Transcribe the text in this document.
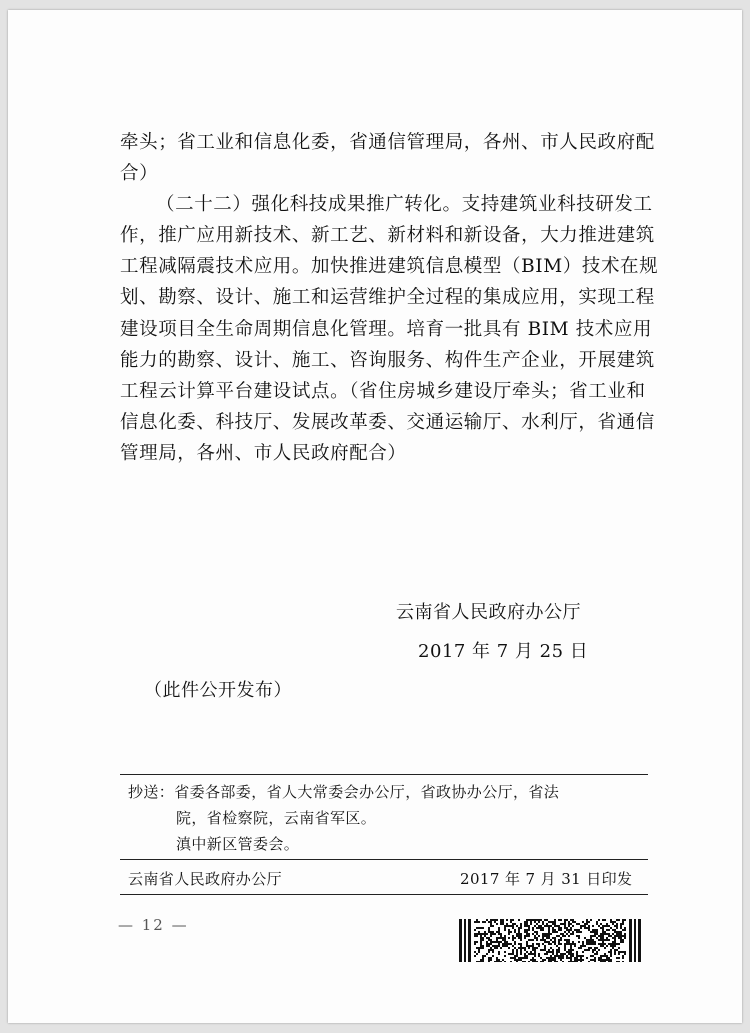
牵头；省工业和信息化委，省通信管理局，各州、市人民政府配
合）
（二十二）强化科技成果推广转化。支持建筑业科技研发工
作，推广应用新技术、新工艺、新材料和新设备，大力推进建筑
工程减隔震技术应用。加快推进建筑信息模型（BIM）技术在规
划、勘察、设计、施工和运营维护全过程的集成应用，实现工程
建设项目全生命周期信息化管理。培育一批具有 BIM 技术应用
能力的勘察、设计、施工、咨询服务、构件生产企业，开展建筑
工程云计算平台建设试点。（省住房城乡建设厅牵头；省工业和
信息化委、科技厅、发展改革委、交通运输厅、水利厅，省通信
管理局，各州、市人民政府配合）
云南省人民政府办公厅
2017 年 7 月 25 日
（此件公开发布）
抄送：省委各部委，省人大常委会办公厅，省政协办公厅，省法
院，省检察院，云南省军区。
滇中新区管委会。
云南省人民政府办公厅	2017 年 7 月 31 日印发
— 12 —
